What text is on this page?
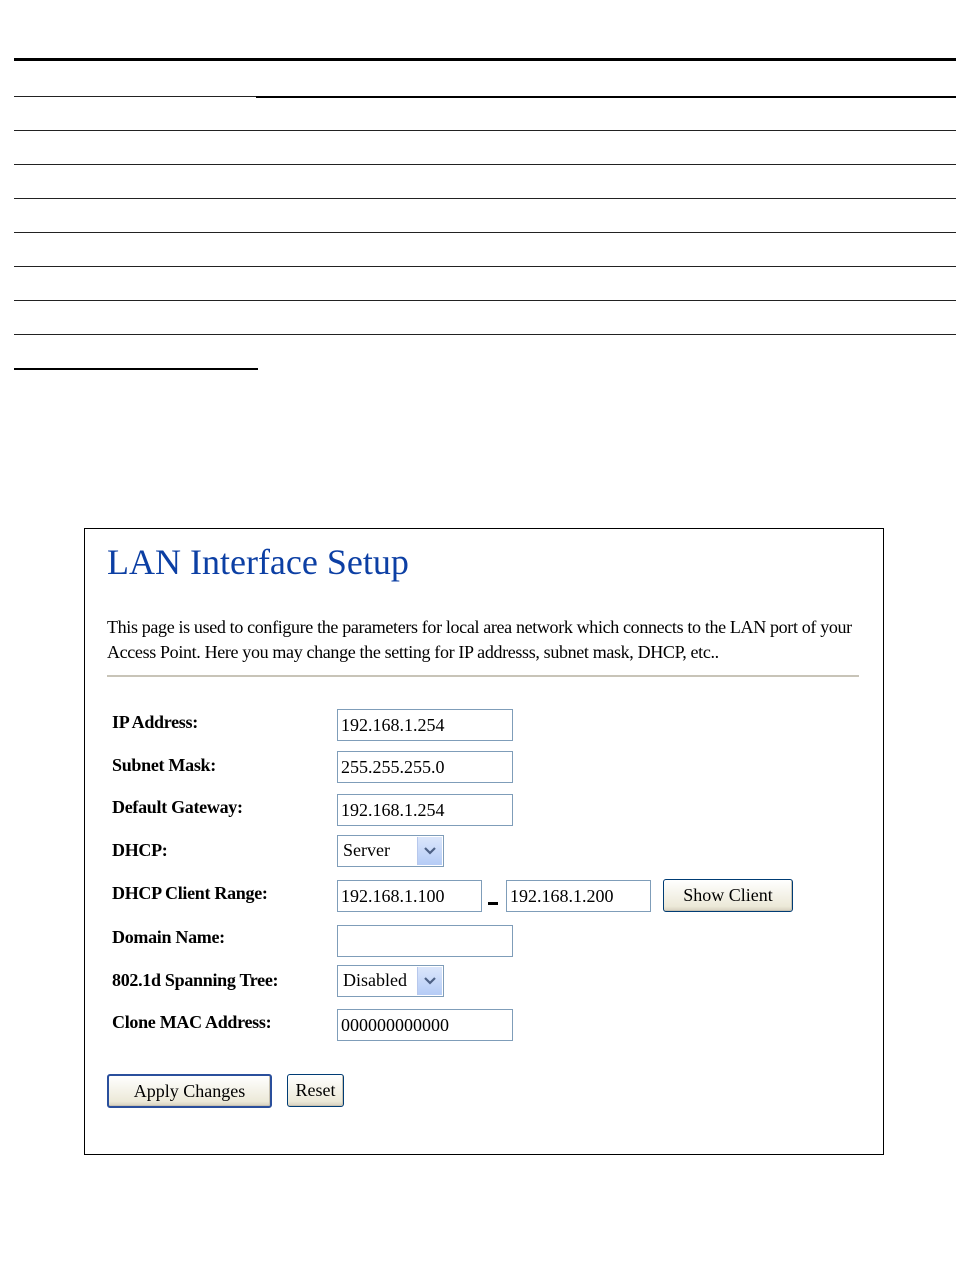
LAN Interface Setup
This page is used to configure the parameters for local area network which connects to the LAN port of your Access Point. Here you may change the setting for IP addresss, subnet mask, DHCP, etc..
IP Address:	192.168.1.254
Subnet Mask:	255.255.255.0
Default Gateway:	192.168.1.254
DHCP:	Server
DHCP Client Range:	192.168.1.100	192.168.1.200	Show Client
Domain Name:
802.1d Spanning Tree:	Disabled
Clone MAC Address:	000000000000
Apply Changes	Reset
